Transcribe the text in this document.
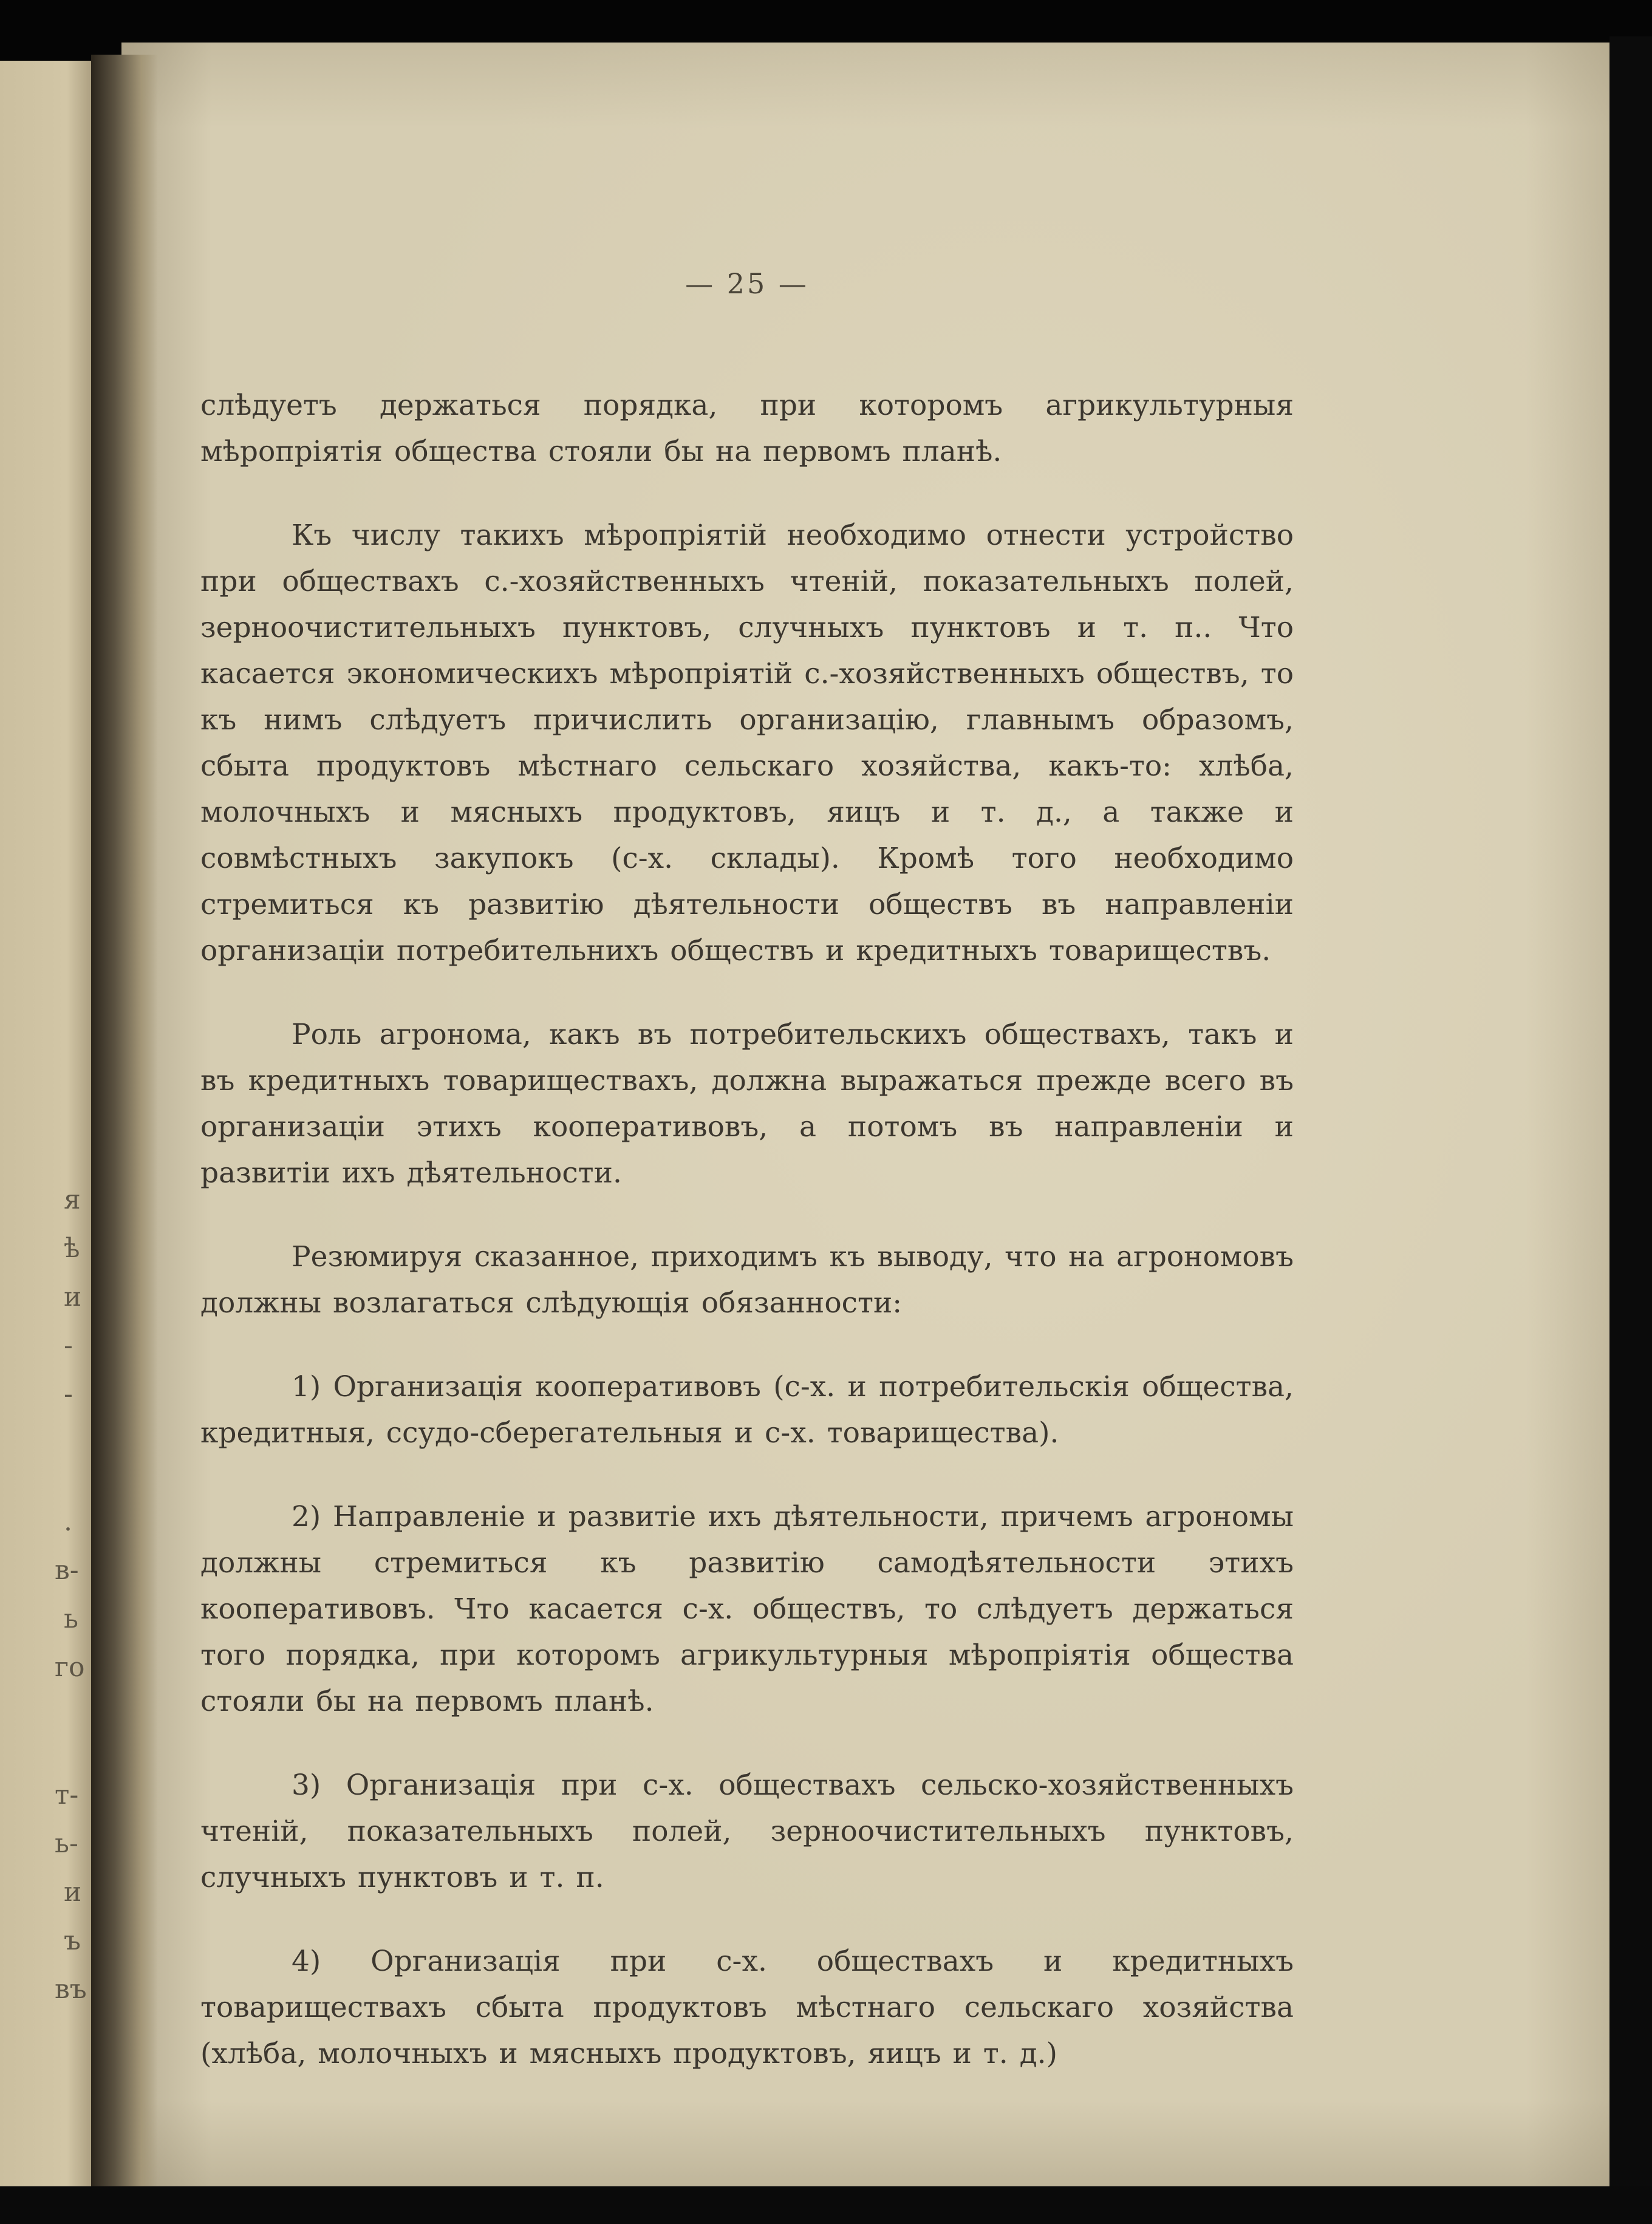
я
ѣ
и
-
-
.
в-
ь
го
т-
ь-
и
ъ
въ
— 25 —

слѣдуетъ держаться порядка, при которомъ агрикультурныя мѣропріятія общества стояли бы на первомъ планѣ.

Къ числу такихъ мѣропріятій необходимо отнести устройство при обществахъ с.-хозяйственныхъ чтеній, показательныхъ полей, зерноочистительныхъ пунктовъ, случныхъ пунктовъ и т. п.. Что касается экономическихъ мѣропріятій с.-хозяйственныхъ обществъ, то къ нимъ слѣдуетъ причислить организацію, главнымъ образомъ, сбыта продуктовъ мѣстнаго сельскаго хозяйства, какъ-то: хлѣба, молочныхъ и мясныхъ продуктовъ, яицъ и т. д., а также и совмѣстныхъ закупокъ (с-х. склады). Кромѣ того необходимо стремиться къ развитію дѣятельности обществъ въ направленіи организаціи потребительнихъ обществъ и кредитныхъ товариществъ.

Роль агронома, какъ въ потребительскихъ обществахъ, такъ и въ кредитныхъ товариществахъ, должна выражаться прежде всего въ организаціи этихъ кооперативовъ, а потомъ въ направленіи и развитіи ихъ дѣятельности.

Резюмируя сказанное, приходимъ къ выводу, что на агрономовъ должны возлагаться слѣдующія обязанности:

1) Организація кооперативовъ (с-х. и потребительскія общества, кредитныя, ссудо-сберегательныя и с-х. товарищества).

2) Направленіе и развитіе ихъ дѣятельности, причемъ агрономы должны стремиться къ развитію самодѣятельности этихъ кооперативовъ. Что касается с-х. обществъ, то слѣдуетъ держаться того порядка, при которомъ агрикультурныя мѣропріятія общества стояли бы на первомъ планѣ.

3) Организація при с-х. обществахъ сельско-хозяйственныхъ чтеній, показательныхъ полей, зерноочистительныхъ пунктовъ, случныхъ пунктовъ и т. п.

4) Организація при с-х. обществахъ и кредитныхъ товариществахъ сбыта продуктовъ мѣстнаго сельскаго хозяйства (хлѣба, молочныхъ и мясныхъ продуктовъ, яицъ и т. д.)
